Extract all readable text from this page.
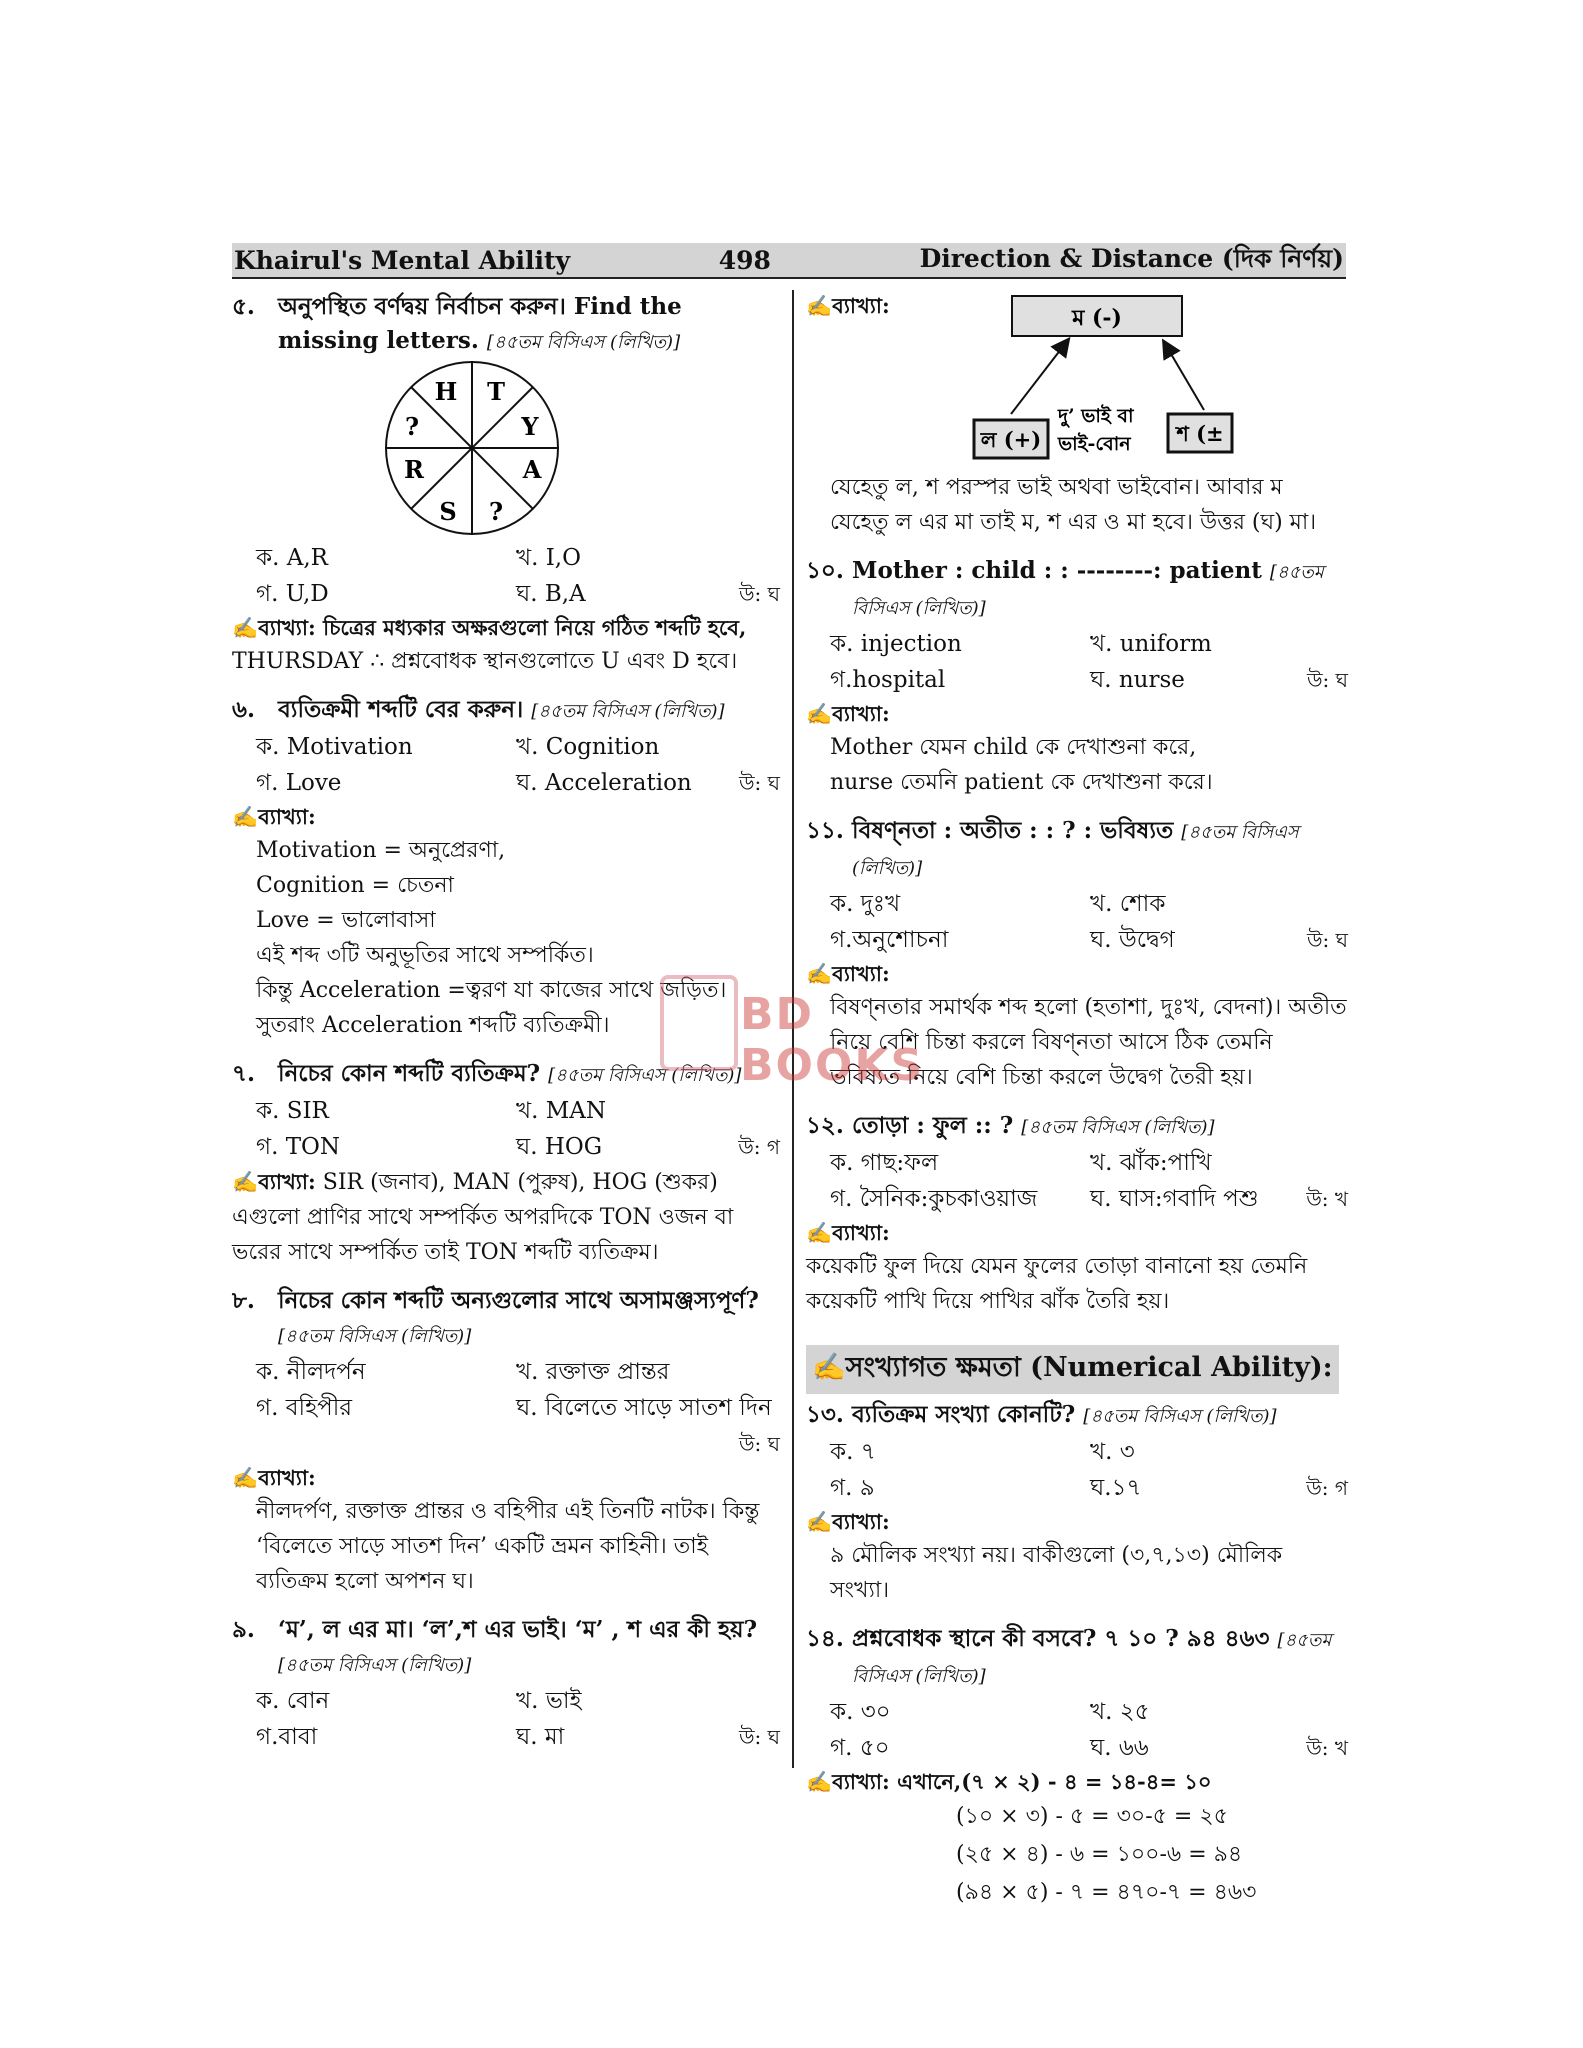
Khairul's Mental Ability	498	Direction & Distance (দিক নির্ণয়)
৫.	অনুপস্থিত বর্ণদ্বয় নির্বাচন করুন। Find the missing letters. [৪৫তম বিসিএস (লিখিত)]
H T
Y
A
?
S
R
?
ক. A,R	খ. I,O
গ. U,D	ঘ. B,A	উ: ঘ
✍ব্যাখ্যা: চিত্রের মধ্যকার অক্ষরগুলো নিয়ে গঠিত শব্দটি হবে,
THURSDAY ∴ প্রশ্নবোধক স্থানগুলোতে U এবং D হবে।
৬.	ব্যতিক্রমী শব্দটি বের করুন। [৪৫তম বিসিএস (লিখিত)]
ক. Motivation	খ. Cognition
গ. Love	ঘ. Acceleration	উ: ঘ
✍ব্যাখ্যা:
Motivation = অনুপ্রেরণা,
Cognition = চেতনা
Love = ভালোবাসা
এই শব্দ ৩টি অনুভূতির সাথে সম্পর্কিত।
কিন্তু Acceleration =ত্বরণ যা কাজের সাথে জড়িত।
সুতরাং Acceleration শব্দটি ব্যতিক্রমী।
৭.	নিচের কোন শব্দটি ব্যতিক্রম? [৪৫তম বিসিএস (লিখিত)]
ক. SIR	খ. MAN
গ. TON	ঘ. HOG	উ: গ
✍ব্যাখ্যা: SIR (জনাব), MAN (পুরুষ), HOG (শুকর) এগুলো প্রাণির সাথে সম্পর্কিত অপরদিকে TON ওজন বা ভরের সাথে সম্পর্কিত তাই TON শব্দটি ব্যতিক্রম।
৮.	নিচের কোন শব্দটি অন্যগুলোর সাথে অসামঞ্জস্যপূর্ণ?
[৪৫তম বিসিএস (লিখিত)]
ক. নীলদর্পন	খ. রক্তাক্ত প্রান্তর
গ. বহিপীর	ঘ. বিলেতে সাড়ে সাতশ দিন
উ: ঘ
✍ব্যাখ্যা:
নীলদর্পণ, রক্তাক্ত প্রান্তর ও বহিপীর এই তিনটি নাটক। কিন্তু ‘বিলেতে সাড়ে সাতশ দিন’ একটি ভ্রমন কাহিনী। তাই ব্যতিক্রম হলো অপশন ঘ।
৯.	‘ম’, ল এর মা। ‘ল’,শ এর ভাই। ‘ম’ , শ এর কী হয়?
[৪৫তম বিসিএস (লিখিত)]
ক. বোন	খ. ভাই
গ.বাবা	ঘ. মা	উ: ঘ
✍ব্যাখ্যা:	ম (-)
ল (+)	শ (±
দু’ ভাই বা
ভাই-বোন
যেহেতু ল, শ পরস্পর ভাই অথবা ভাইবোন। আবার ম যেহেতু ল এর মা তাই ম, শ এর ও মা হবে। উত্তর (ঘ) মা।
১০. Mother : child : : --------: patient [৪৫তম বিসিএস (লিখিত)]
ক. injection	খ. uniform
গ.hospital	ঘ. nurse	উ: ঘ
✍ব্যাখ্যা:
Mother যেমন child কে দেখাশুনা করে,
nurse তেমনি patient কে দেখাশুনা করে।
১১. বিষণ্নতা : অতীত : : ? : ভবিষ্যত [৪৫তম বিসিএস (লিখিত)]
ক. দুঃখ	খ. শোক
গ.অনুশোচনা	ঘ. উদ্বেগ	উ: ঘ
✍ব্যাখ্যা:
বিষণ্নতার সমার্থক শব্দ হলো (হতাশা, দুঃখ, বেদনা)। অতীত নিয়ে বেশি চিন্তা করলে বিষণ্নতা আসে ঠিক তেমনি ভবিষ্যত নিয়ে বেশি চিন্তা করলে উদ্বেগ তৈরী হয়।
১২. তোড়া : ফুল :: ? [৪৫তম বিসিএস (লিখিত)]
ক. গাছ:ফল	খ. ঝাঁক:পাখি
গ. সৈনিক:কুচকাওয়াজ	ঘ. ঘাস:গবাদি পশু	উ: খ
✍ব্যাখ্যা:
কয়েকটি ফুল দিয়ে যেমন ফুলের তোড়া বানানো হয় তেমনি কয়েকটি পাখি দিয়ে পাখির ঝাঁক তৈরি হয়।
✍সংখ্যাগত ক্ষমতা (Numerical Ability):
১৩. ব্যতিক্রম সংখ্যা কোনটি? [৪৫তম বিসিএস (লিখিত)]
ক. ৭	খ. ৩
গ. ৯	ঘ.১৭	উ: গ
✍ব্যাখ্যা:
৯ মৌলিক সংখ্যা নয়। বাকীগুলো (৩,৭,১৩) মৌলিক সংখ্যা।
১৪. প্রশ্নবোধক স্থানে কী বসবে? ৭ ১০ ? ৯৪ ৪৬৩ [৪৫তম বিসিএস (লিখিত)]
ক. ৩০	খ. ২৫
গ. ৫০	ঘ. ৬৬	উ: খ
✍ব্যাখ্যা: এখানে,(৭ × ২) - ৪ = ১৪-৪= ১০
(১০ × ৩) - ৫ = ৩০-৫ = ২৫
(২৫ × ৪) - ৬ = ১০০-৬ = ৯৪
(৯৪ × ৫) - ৭ = ৪৭০-৭ = ৪৬৩
BD BOOKS
